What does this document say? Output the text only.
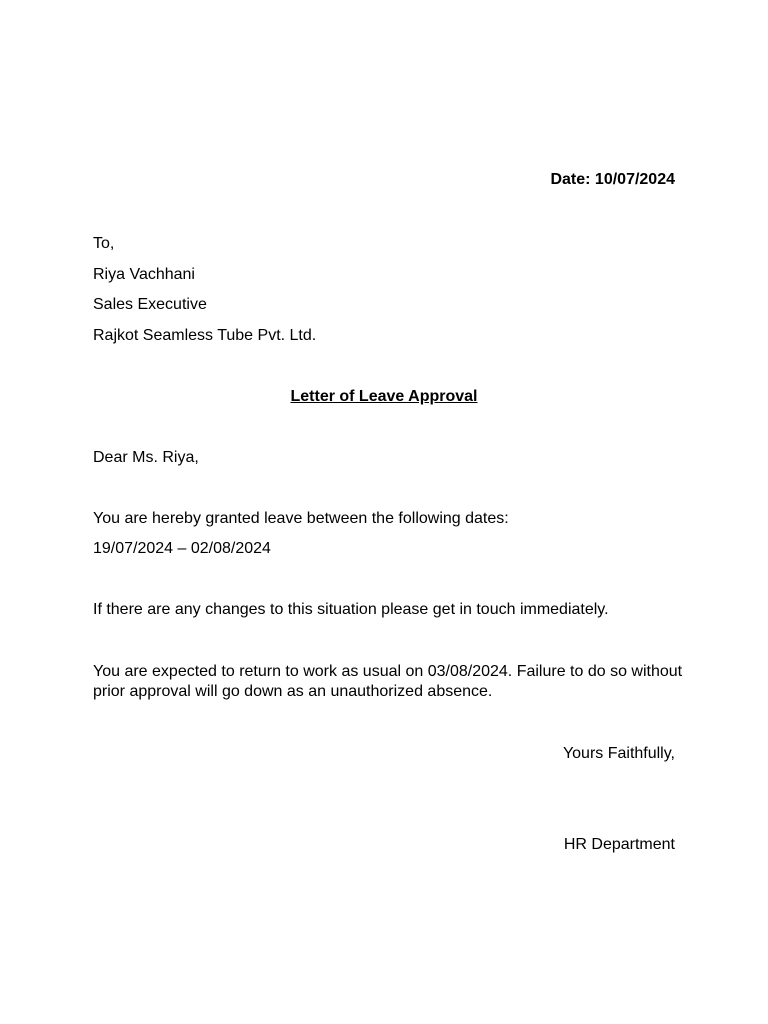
Date: 10/07/2024
To,
Riya Vachhani
Sales Executive
Rajkot Seamless Tube Pvt. Ltd.
Letter of Leave Approval
Dear Ms. Riya,
You are hereby granted leave between the following dates:
19/07/2024 – 02/08/2024
If there are any changes to this situation please get in touch immediately.
You are expected to return to work as usual on 03/08/2024. Failure to do so without prior approval will go down as an unauthorized absence.
Yours Faithfully,
HR Department
